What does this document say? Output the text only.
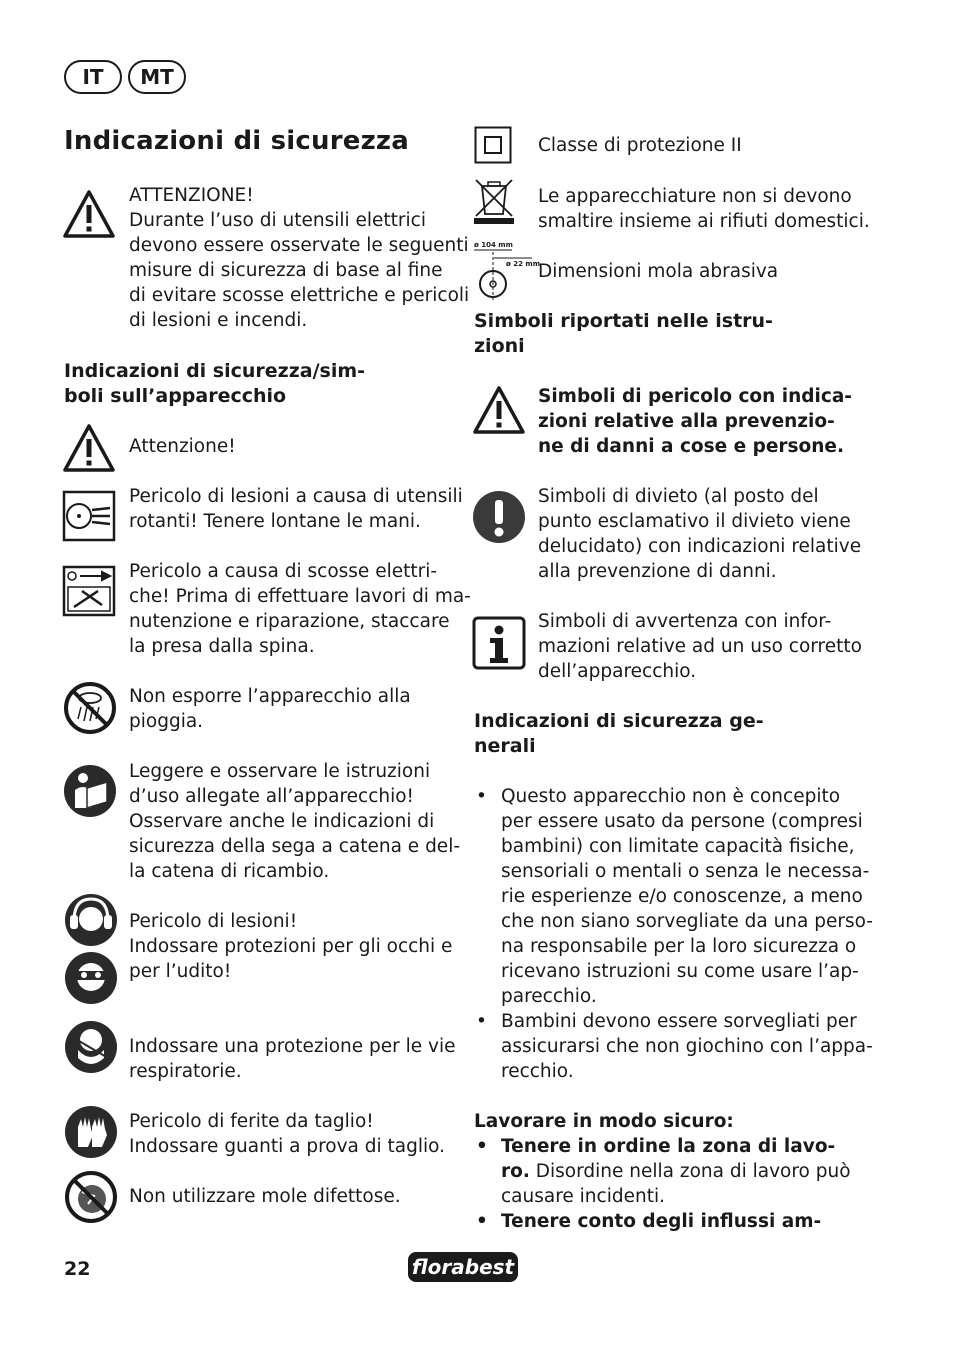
IT	MT
Indicazioni di sicurezza
ATTENZIONE!
Durante l’uso di utensili elettrici
devono essere osservate le seguenti
misure di sicurezza di base al fine
di evitare scosse elettriche e pericoli
di lesioni e incendi.
Indicazioni di sicurezza/sim-
boli sull’apparecchio
Attenzione!
Pericolo di lesioni a causa di utensili
rotanti! Tenere lontane le mani.
Pericolo a causa di scosse elettri-
che! Prima di effettuare lavori di ma-
nutenzione e riparazione, staccare
la presa dalla spina.
Non esporre l’apparecchio alla
pioggia.
Leggere e osservare le istruzioni
d’uso allegate all’apparecchio!
Osservare anche le indicazioni di
sicurezza della sega a catena e del-
la catena di ricambio.
Pericolo di lesioni!
Indossare protezioni per gli occhi e
per l’udito!
Indossare una protezione per le vie
respiratorie.
Pericolo di ferite da taglio!
Indossare guanti a prova di taglio.
Non utilizzare mole difettose.
Classe di protezione II
Le apparecchiature non si devono
smaltire insieme ai rifiuti domestici.
ø 104 mm
ø 22 mm
Dimensioni mola abrasiva
Simboli riportati nelle istru-
zioni
Simboli di pericolo con indica-
zioni relative alla prevenzio-
ne di danni a cose e persone.
Simboli di divieto (al posto del
punto esclamativo il divieto viene
delucidato) con indicazioni relative
alla prevenzione di danni.
Simboli di avvertenza con infor-
mazioni relative ad un uso corretto
dell’apparecchio.
Indicazioni di sicurezza ge-
nerali
• Questo apparecchio non è concepito
per essere usato da persone (compresi
bambini) con limitate capacità fisiche,
sensoriali o mentali o senza le necessa-
rie esperienze e/o conoscenze, a meno
che non siano sorvegliate da una perso-
na responsabile per la loro sicurezza o
ricevano istruzioni su come usare l’ap-
parecchio.
• Bambini devono essere sorvegliati per
assicurarsi che non giochino con l’appa-
recchio.
Lavorare in modo sicuro:
• Tenere in ordine la zona di lavo-
ro. Disordine nella zona di lavoro può
causare incidenti.
• Tenere conto degli influssi am-
22	florabest
